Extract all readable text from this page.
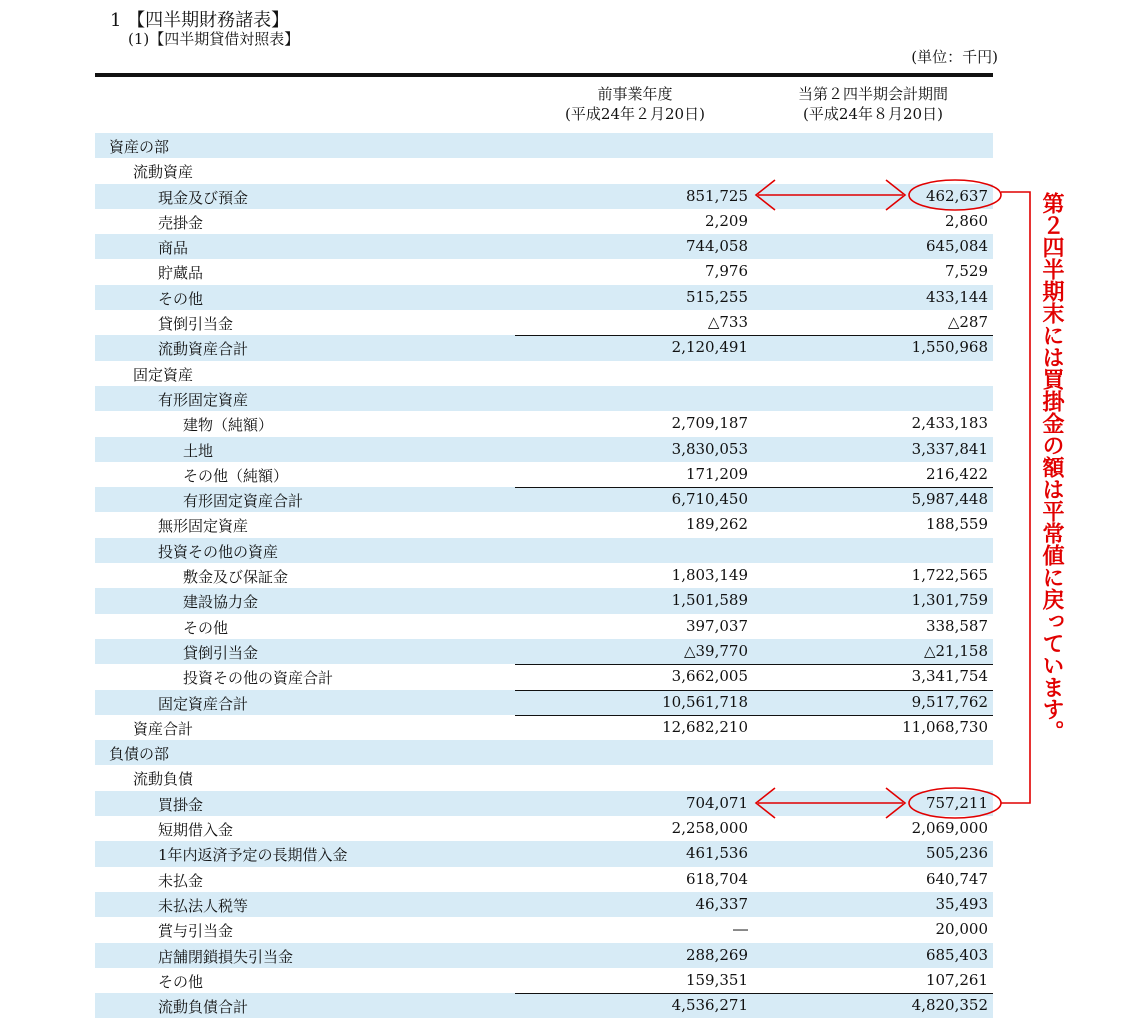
1 【四半期財務諸表】
(1)【四半期貸借対照表】
(単位：千円)
前事業年度
(平成24年２月20日)
当第２四半期会計期間
(平成24年８月20日)
資産の部
流動資産
現金及び預金	851,725	462,637
売掛金	2,209	2,860
商品	744,058	645,084
貯蔵品	7,976	7,529
その他	515,255	433,144
貸倒引当金	△733	△287
流動資産合計	2,120,491	1,550,968
固定資産
有形固定資産
建物（純額）	2,709,187	2,433,183
土地	3,830,053	3,337,841
その他（純額）	171,209	216,422
有形固定資産合計	6,710,450	5,987,448
無形固定資産	189,262	188,559
投資その他の資産
敷金及び保証金	1,803,149	1,722,565
建設協力金	1,501,589	1,301,759
その他	397,037	338,587
貸倒引当金	△39,770	△21,158
投資その他の資産合計	3,662,005	3,341,754
固定資産合計	10,561,718	9,517,762
資産合計	12,682,210	11,068,730
負債の部
流動負債
買掛金	704,071	757,211
短期借入金	2,258,000	2,069,000
1年内返済予定の長期借入金	461,536	505,236
未払金	618,704	640,747
未払法人税等	46,337	35,493
賞与引当金	―	20,000
店舗閉鎖損失引当金	288,269	685,403
その他	159,351	107,261
流動負債合計	4,536,271	4,820,352
第２四半期末には買掛金の額は平常値に戻っています。
